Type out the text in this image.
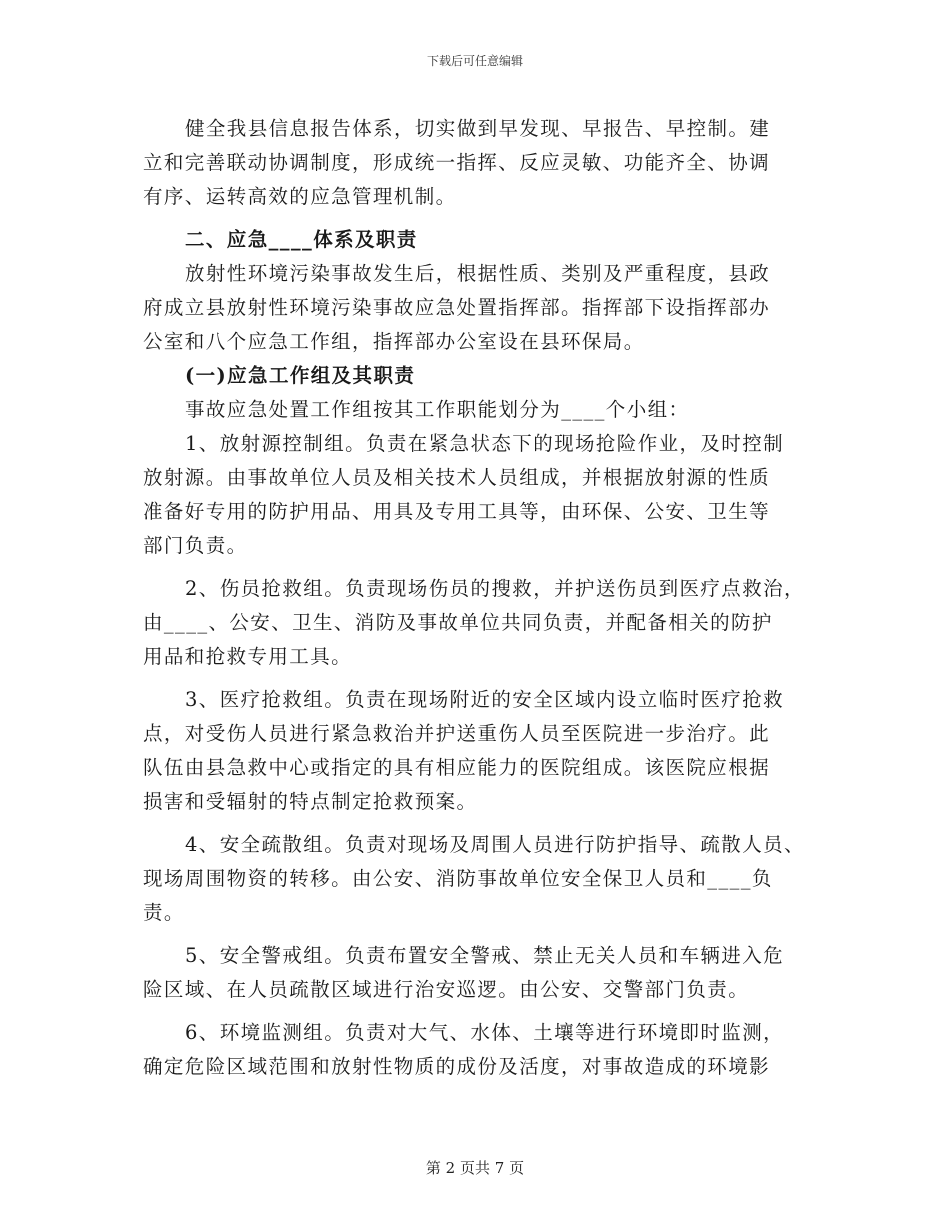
下载后可任意编辑
健全我县信息报告体系，切实做到早发现、早报告、早控制。建
立和完善联动协调制度，形成统一指挥、反应灵敏、功能齐全、协调
有序、运转高效的应急管理机制。
二、应急____体系及职责
放射性环境污染事故发生后，根据性质、类别及严重程度，县政
府成立县放射性环境污染事故应急处置指挥部。指挥部下设指挥部办
公室和八个应急工作组，指挥部办公室设在县环保局。
(一)应急工作组及其职责
事故应急处置工作组按其工作职能划分为____个小组：
1、放射源控制组。负责在紧急状态下的现场抢险作业，及时控制
放射源。由事故单位人员及相关技术人员组成，并根据放射源的性质
准备好专用的防护用品、用具及专用工具等，由环保、公安、卫生等
部门负责。
2、伤员抢救组。负责现场伤员的搜救，并护送伤员到医疗点救治，
由____、公安、卫生、消防及事故单位共同负责，并配备相关的防护
用品和抢救专用工具。
3、医疗抢救组。负责在现场附近的安全区域内设立临时医疗抢救
点，对受伤人员进行紧急救治并护送重伤人员至医院进一步治疗。此
队伍由县急救中心或指定的具有相应能力的医院组成。该医院应根据
损害和受辐射的特点制定抢救预案。
4、安全疏散组。负责对现场及周围人员进行防护指导、疏散人员、
现场周围物资的转移。由公安、消防事故单位安全保卫人员和____负
责。
5、安全警戒组。负责布置安全警戒、禁止无关人员和车辆进入危
险区域、在人员疏散区域进行治安巡逻。由公安、交警部门负责。
6、环境监测组。负责对大气、水体、土壤等进行环境即时监测，
确定危险区域范围和放射性物质的成份及活度，对事故造成的环境影
第 2 页共 7 页
